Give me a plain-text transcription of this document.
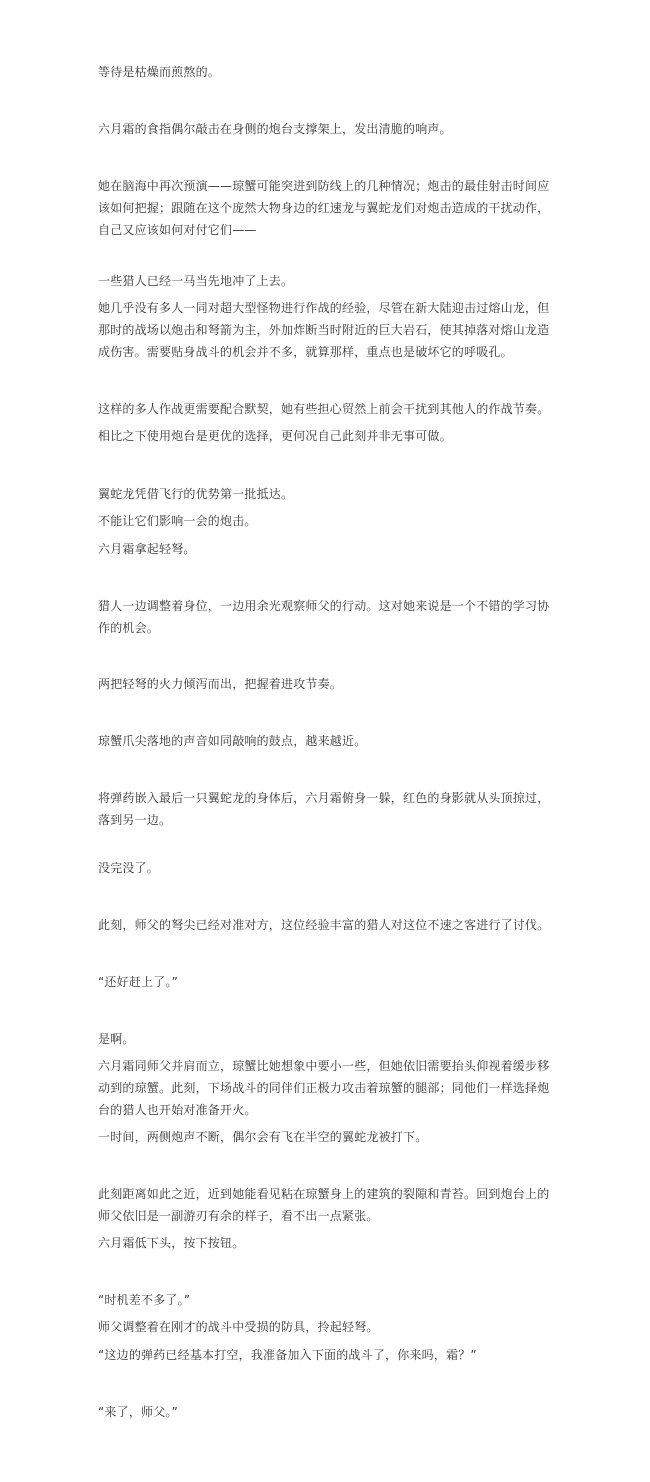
等待是枯燥而煎熬的。

六月霜的食指偶尔敲击在身侧的炮台支撑架上，发出清脆的响声。

她在脑海中再次预演——琼蟹可能突进到防线上的几种情况；炮击的最佳射击时间应该如何把握；跟随在这个庞然大物身边的红速龙与翼蛇龙们对炮击造成的干扰动作，自己又应该如何对付它们——

一些猎人已经一马当先地冲了上去。

她几乎没有多人一同对超大型怪物进行作战的经验，尽管在新大陆迎击过熔山龙，但那时的战场以炮击和弩箭为主，外加炸断当时附近的巨大岩石，使其掉落对熔山龙造成伤害。需要贴身战斗的机会并不多，就算那样，重点也是破坏它的呼吸孔。

这样的多人作战更需要配合默契，她有些担心贸然上前会干扰到其他人的作战节奏。

相比之下使用炮台是更优的选择，更何况自己此刻并非无事可做。

翼蛇龙凭借飞行的优势第一批抵达。

不能让它们影响一会的炮击。

六月霜拿起轻弩。

猎人一边调整着身位，一边用余光观察师父的行动。这对她来说是一个不错的学习协作的机会。

两把轻弩的火力倾泻而出，把握着进攻节奏。

琼蟹爪尖落地的声音如同敲响的鼓点，越来越近。

将弹药嵌入最后一只翼蛇龙的身体后，六月霜俯身一躲，红色的身影就从头顶掠过，落到另一边。

没完没了。

此刻，师父的弩尖已经对准对方，这位经验丰富的猎人对这位不速之客进行了讨伐。

“还好赶上了。”

是啊。

六月霜同师父并肩而立，琼蟹比她想象中要小一些，但她依旧需要抬头仰视着缓步移动到的琼蟹。此刻，下场战斗的同伴们正极力攻击着琼蟹的腿部；同他们一样选择炮台的猎人也开始对准备开火。

一时间，两侧炮声不断，偶尔会有飞在半空的翼蛇龙被打下。

此刻距离如此之近，近到她能看见粘在琼蟹身上的建筑的裂隙和青苔。回到炮台上的师父依旧是一副游刃有余的样子，看不出一点紧张。

六月霜低下头，按下按钮。

“时机差不多了。”

师父调整着在刚才的战斗中受损的防具，拎起轻弩。

“这边的弹药已经基本打空，我准备加入下面的战斗了，你来吗，霜？”

“来了，师父。”
